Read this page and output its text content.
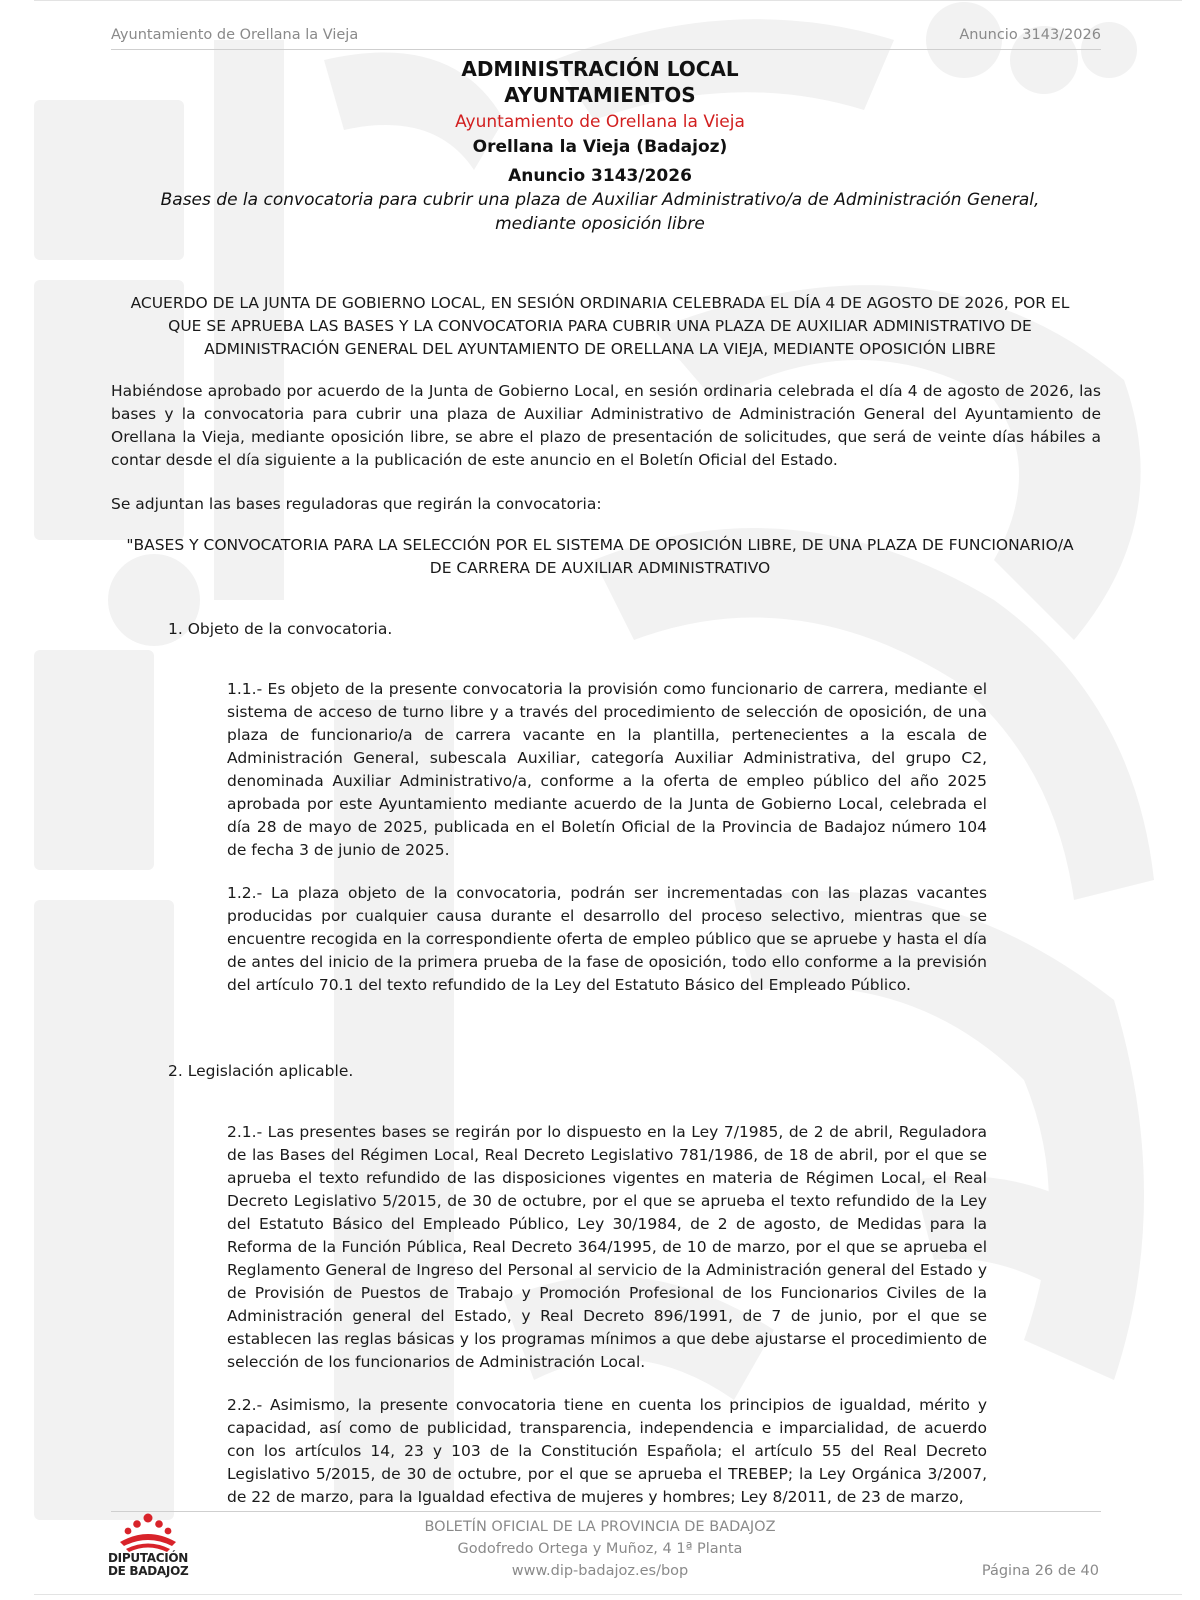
Ayuntamiento de Orellana la Vieja	Anuncio 3143/2026
ADMINISTRACIÓN LOCAL
AYUNTAMIENTOS
Ayuntamiento de Orellana la Vieja
Orellana la Vieja (Badajoz)
Anuncio 3143/2026
Bases de la convocatoria para cubrir una plaza de Auxiliar Administrativo/a de Administración General, mediante oposición libre
ACUERDO DE LA JUNTA DE GOBIERNO LOCAL, EN SESIÓN ORDINARIA CELEBRADA EL DÍA 4 DE AGOSTO DE 2026, POR EL QUE SE APRUEBA LAS BASES Y LA CONVOCATORIA PARA CUBRIR UNA PLAZA DE AUXILIAR ADMINISTRATIVO DE ADMINISTRACIÓN GENERAL DEL AYUNTAMIENTO DE ORELLANA LA VIEJA, MEDIANTE OPOSICIÓN LIBRE
Habiéndose aprobado por acuerdo de la Junta de Gobierno Local, en sesión ordinaria celebrada el día 4 de agosto de 2026, las bases y la convocatoria para cubrir una plaza de Auxiliar Administrativo de Administración General del Ayuntamiento de Orellana la Vieja, mediante oposición libre, se abre el plazo de presentación de solicitudes, que será de veinte días hábiles a contar desde el día siguiente a la publicación de este anuncio en el Boletín Oficial del Estado.
Se adjuntan las bases reguladoras que regirán la convocatoria:
"BASES Y CONVOCATORIA PARA LA SELECCIÓN POR EL SISTEMA DE OPOSICIÓN LIBRE, DE UNA PLAZA DE FUNCIONARIO/A DE CARRERA DE AUXILIAR ADMINISTRATIVO
1. Objeto de la convocatoria.
1.1.- Es objeto de la presente convocatoria la provisión como funcionario de carrera, mediante el sistema de acceso de turno libre y a través del procedimiento de selección de oposición, de una plaza de funcionario/a de carrera vacante en la plantilla, pertenecientes a la escala de Administración General, subescala Auxiliar, categoría Auxiliar Administrativa, del grupo C2, denominada Auxiliar Administrativo/a, conforme a la oferta de empleo público del año 2025 aprobada por este Ayuntamiento mediante acuerdo de la Junta de Gobierno Local, celebrada el día 28 de mayo de 2025, publicada en el Boletín Oficial de la Provincia de Badajoz número 104 de fecha 3 de junio de 2025.
1.2.- La plaza objeto de la convocatoria, podrán ser incrementadas con las plazas vacantes producidas por cualquier causa durante el desarrollo del proceso selectivo, mientras que se encuentre recogida en la correspondiente oferta de empleo público que se apruebe y hasta el día de antes del inicio de la primera prueba de la fase de oposición, todo ello conforme a la previsión del artículo 70.1 del texto refundido de la Ley del Estatuto Básico del Empleado Público.
2. Legislación aplicable.
2.1.- Las presentes bases se regirán por lo dispuesto en la Ley 7/1985, de 2 de abril, Reguladora de las Bases del Régimen Local, Real Decreto Legislativo 781/1986, de 18 de abril, por el que se aprueba el texto refundido de las disposiciones vigentes en materia de Régimen Local, el Real Decreto Legislativo 5/2015, de 30 de octubre, por el que se aprueba el texto refundido de la Ley del Estatuto Básico del Empleado Público, Ley 30/1984, de 2 de agosto, de Medidas para la Reforma de la Función Pública, Real Decreto 364/1995, de 10 de marzo, por el que se aprueba el Reglamento General de Ingreso del Personal al servicio de la Administración general del Estado y de Provisión de Puestos de Trabajo y Promoción Profesional de los Funcionarios Civiles de la Administración general del Estado, y Real Decreto 896/1991, de 7 de junio, por el que se establecen las reglas básicas y los programas mínimos a que debe ajustarse el procedimiento de selección de los funcionarios de Administración Local.
2.2.- Asimismo, la presente convocatoria tiene en cuenta los principios de igualdad, mérito y capacidad, así como de publicidad, transparencia, independencia e imparcialidad, de acuerdo con los artículos 14, 23 y 103 de la Constitución Española; el artículo 55 del Real Decreto Legislativo 5/2015, de 30 de octubre, por el que se aprueba el TREBEP; la Ley Orgánica 3/2007, de 22 de marzo, para la Igualdad efectiva de mujeres y hombres; Ley 8/2011, de 23 de marzo,
DIPUTACIÓN
DE BADAJOZ
BOLETÍN OFICIAL DE LA PROVINCIA DE BADAJOZ
Godofredo Ortega y Muñoz, 4 1ª Planta
www.dip-badajoz.es/bop	Página 26 de 40
